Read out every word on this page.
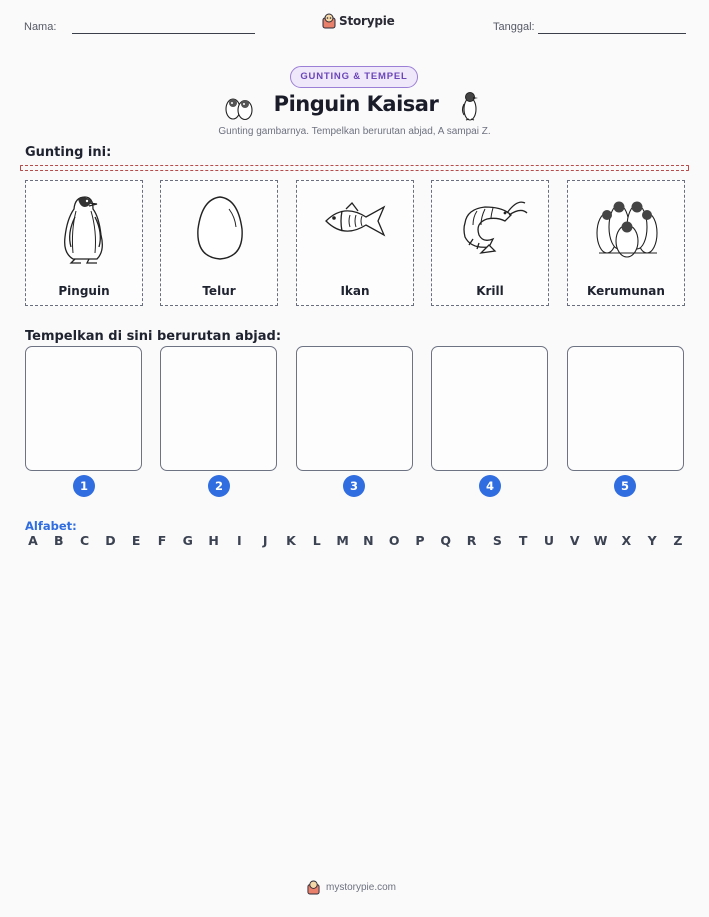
Nama:	Storypie	Tanggal:
GUNTING & TEMPEL
Pinguin Kaisar
Gunting gambarnya. Tempelkan berurutan abjad, A sampai Z.
Gunting ini:
Pinguin	Telur	Ikan	Krill	Kerumunan
Tempelkan di sini berurutan abjad:
1	2	3	4	5
Alfabet:
A B C D E F G H	I	J	K	L	M N O P Q R S T U V W X Y Z
mystorypie.com
